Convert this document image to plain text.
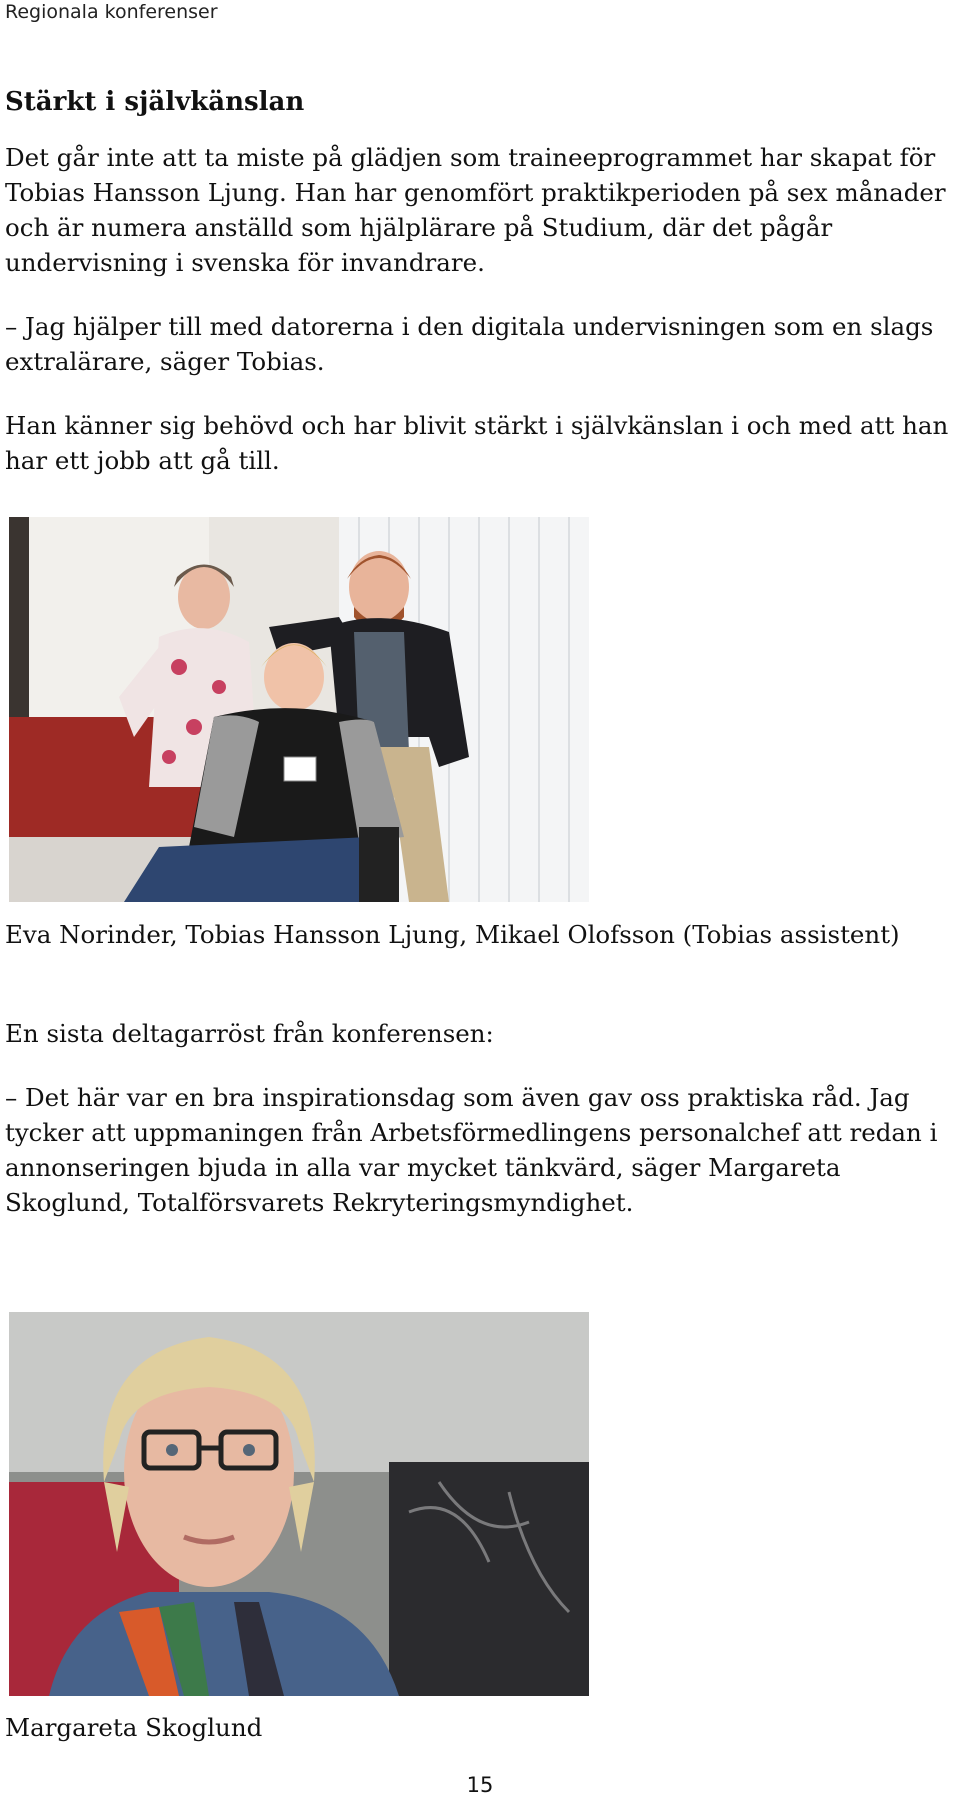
Regionala konferenser
Stärkt i självkänslan

Det går inte att ta miste på glädjen som traineeprogrammet har skapat för Tobias Hansson Ljung. Han har genomfört praktikperioden på sex månader och är numera anställd som hjälplärare på Studium, där det pågår undervisning i svenska för invandrare.

– Jag hjälper till med datorerna i den digitala undervisningen som en slags extralärare, säger Tobias.

Han känner sig behövd och har blivit stärkt i självkänslan i och med att han har ett jobb att gå till.

Eva Norinder, Tobias Hansson Ljung, Mikael Olofsson (Tobias assistent)

En sista deltagarröst från konferensen:

– Det här var en bra inspirationsdag som även gav oss praktiska råd. Jag tycker att uppmaningen från Arbetsförmedlingens personalchef att redan i annonseringen bjuda in alla var mycket tänkvärd, säger Margareta Skoglund, Totalförsvarets Rekryteringsmyndighet.

Margareta Skoglund
15
